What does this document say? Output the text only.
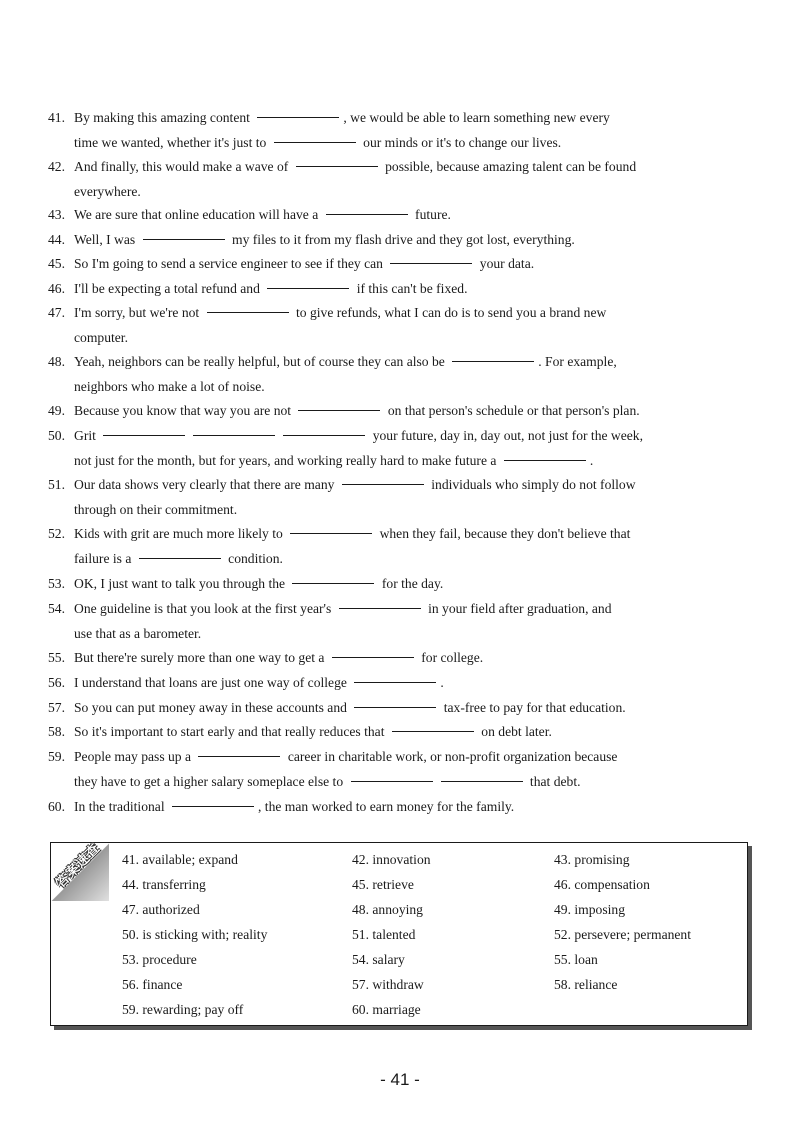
41. By making this amazing content	, we would be able to learn something new every
time we wanted, whether it's just to	our minds or it's to change our lives.
42. And finally, this would make a wave of	possible, because amazing talent can be found
everywhere.
43. We are sure that online education will have a	future.
44. Well, I was	my files to it from my flash drive and they got lost, everything.
45. So I'm going to send a service engineer to see if they can	your data.
46. I'll be expecting a total refund and	if this can't be fixed.
47. I'm sorry, but we're not	to give refunds, what I can do is to send you a brand new
computer.
48. Yeah, neighbors can be really helpful, but of course they can also be	. For example,
neighbors who make a lot of noise.
49. Because you know that way you are not	on that person's schedule or that person's plan.
50. Grit	your future, day in, day out, not just for the week,
not just for the month, but for years, and working really hard to make future a	.
51. Our data shows very clearly that there are many	individuals who simply do not follow
through on their commitment.
52. Kids with grit are much more likely to	when they fail, because they don't believe that
failure is a	condition.
53. OK, I just want to talk you through the	for the day.
54. One guideline is that you look at the first year's	in your field after graduation, and
use that as a barometer.
55. But there're surely more than one way to get a	for college.
56. I understand that loans are just one way of college	.
57. So you can put money away in these accounts and	tax-free to pay for that education.
58. So it's important to start early and that really reduces that	on debt later.
59. People may pass up a	career in charitable work, or non-profit organization because
they have to get a higher salary someplace else to	that debt.
60. In the traditional	, the man worked to earn money for the family.
答案速查 41. available; expand	42. innovation	43. promising
44. transferring	45. retrieve	46. compensation
47. authorized	48. annoying	49. imposing
50. is sticking with; reality	51. talented	52. persevere; permanent
53. procedure	54. salary	55. loan
56. finance	57. withdraw	58. reliance
59. rewarding; pay off	60. marriage
- 41 -
